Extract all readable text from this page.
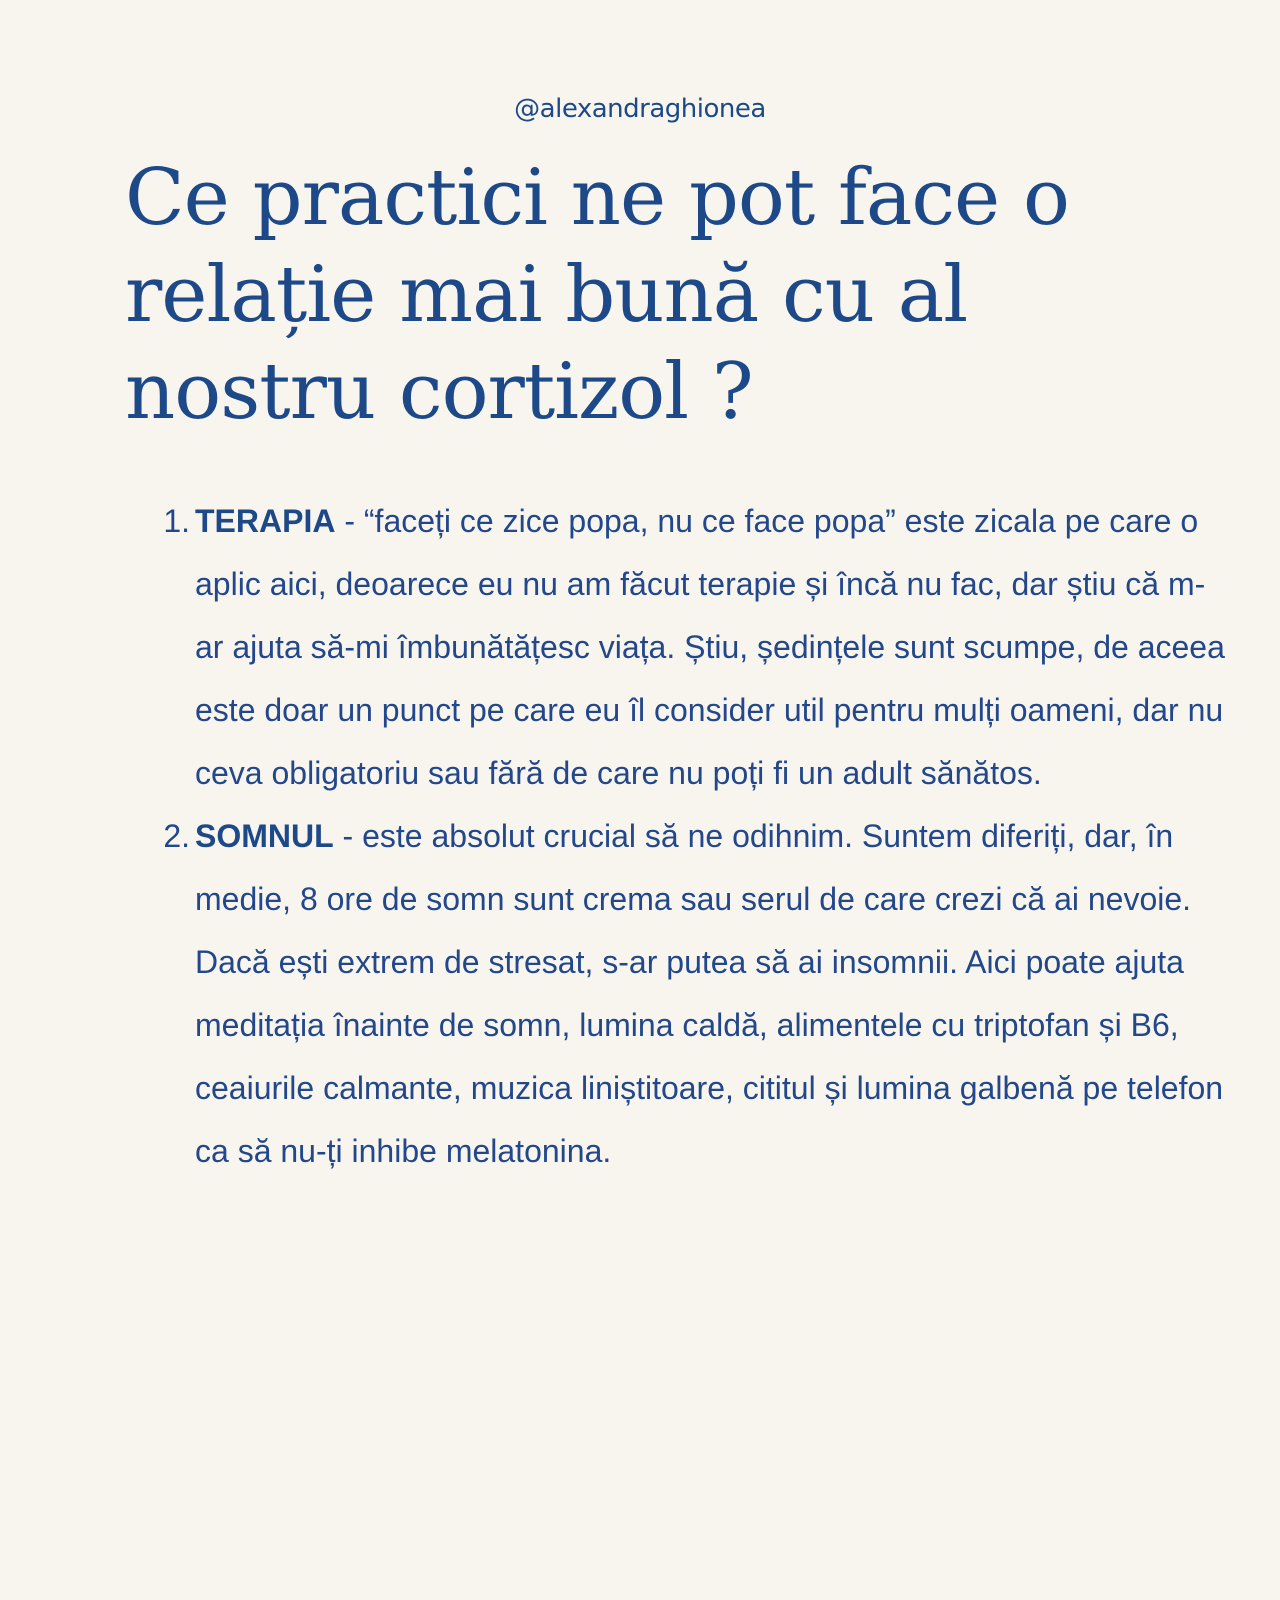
@alexandraghionea
Ce practici ne pot face o relație mai bună cu al nostru cortizol ?
1. TERAPIA - “faceți ce zice popa, nu ce face popa” este zicala pe care o aplic aici, deoarece eu nu am făcut terapie și încă nu fac, dar știu că m-ar ajuta să-mi îmbunătățesc viața. Știu, ședințele sunt scumpe, de aceea este doar un punct pe care eu îl consider util pentru mulți oameni, dar nu ceva obligatoriu sau fără de care nu poți fi un adult sănătos.
2. SOMNUL - este absolut crucial să ne odihnim. Suntem diferiți, dar, în medie, 8 ore de somn sunt crema sau serul de care crezi că ai nevoie. Dacă ești extrem de stresat, s-ar putea să ai insomnii. Aici poate ajuta meditația înainte de somn, lumina caldă, alimentele cu triptofan și B6, ceaiurile calmante, muzica liniștitoare, cititul și lumina galbenă pe telefon ca să nu-ți inhibe melatonina.
